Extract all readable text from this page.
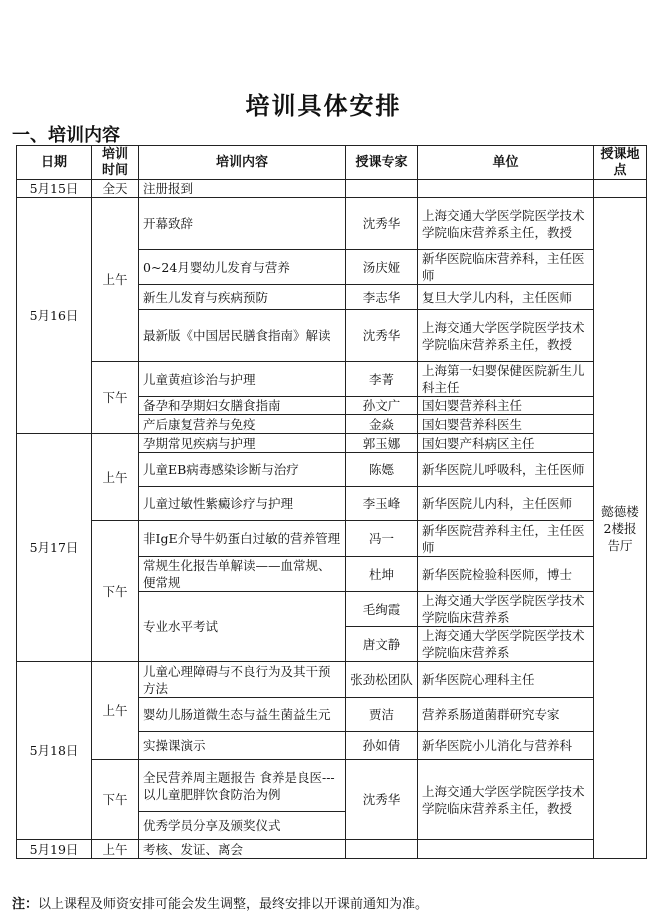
培训具体安排
一、培训内容
日期	培训时间	培训内容	授课专家	单位	授课地点
5月15日	全天	注册报到			
5月16日	上午	开幕致辞	沈秀华	上海交通大学医学院医学技术学院临床营养系主任，教授	懿德楼2楼报告厅
		0~24月婴幼儿发育与营养	汤庆娅	新华医院临床营养科，主任医师	
		新生儿发育与疾病预防	李志华	复旦大学儿内科，主任医师	
		最新版《中国居民膳食指南》解读	沈秀华	上海交通大学医学院医学技术学院临床营养系主任，教授	
	下午	儿童黄疸诊治与护理	李菁	上海第一妇婴保健医院新生儿科主任	
		备孕和孕期妇女膳食指南	孙文广	国妇婴营养科主任	
		产后康复营养与免疫	金焱	国妇婴营养科医生	
5月17日	上午	孕期常见疾病与护理	郭玉娜	国妇婴产科病区主任	
		儿童EB病毒感染诊断与治疗	陈嫕	新华医院儿呼吸科，主任医师	
		儿童过敏性紫癜诊疗与护理	李玉峰	新华医院儿内科，主任医师	
	下午	非IgE介导牛奶蛋白过敏的营养管理	冯一	新华医院营养科主任，主任医师	
		常规生化报告单解读——血常规、便常规	杜坤	新华医院检验科医师，博士	
		专业水平考试	毛绚霞	上海交通大学医学院医学技术学院临床营养系	
			唐文静	上海交通大学医学院医学技术学院临床营养系	
5月18日	上午	儿童心理障碍与不良行为及其干预方法	张劲松团队	新华医院心理科主任	
		婴幼儿肠道微生态与益生菌益生元	贾洁	营养系肠道菌群研究专家	
		实操课演示	孙如倩	新华医院小儿消化与营养科	
	下午	全民营养周主题报告 食养是良医---以儿童肥胖饮食防治为例	沈秀华	上海交通大学医学院医学技术学院临床营养系主任，教授	
		优秀学员分享及颁奖仪式			
5月19日	上午	考核、发证、离会			
注：以上课程及师资安排可能会发生调整，最终安排以开课前通知为准。
